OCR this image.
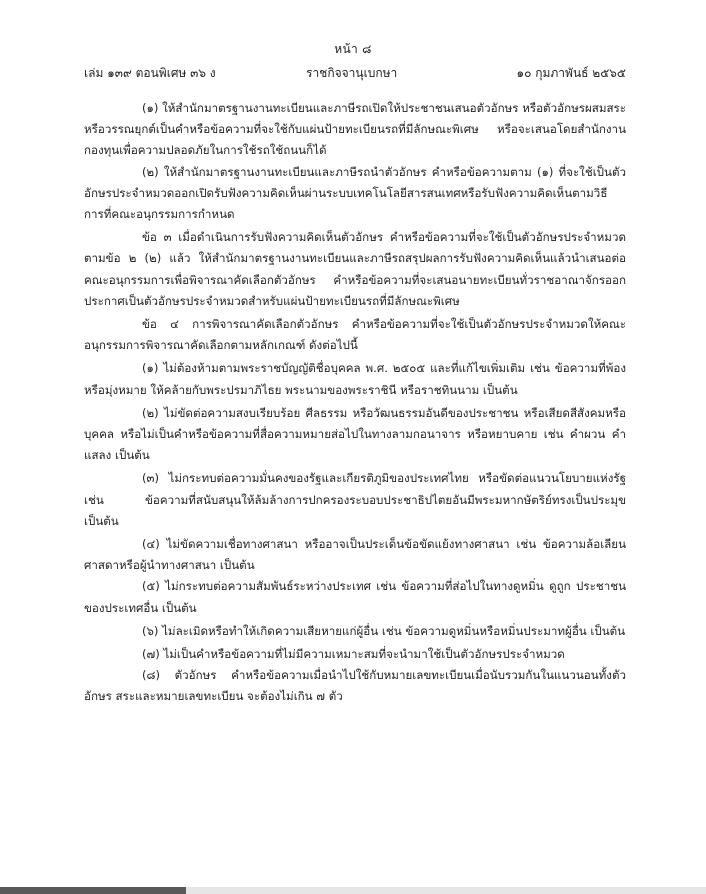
หน้า ๘
เล่ม ๑๓๙ ตอนพิเศษ ๓๖ ง	ราชกิจจานุเบกษา	๑๐ กุมภาพันธ์ ๒๕๖๕

(๑) ให้สำนักมาตรฐานงานทะเบียนและภาษีรถเปิดให้ประชาชนเสนอตัวอักษร หรือตัวอักษรผสมสระหรือวรรณยุกต์เป็นคำหรือข้อความที่จะใช้กับแผ่นป้ายทะเบียนรถที่มีลักษณะพิเศษ หรือจะเสนอโดยสำนักงานกองทุนเพื่อความปลอดภัยในการใช้รถใช้ถนนก็ได้

(๒) ให้สำนักมาตรฐานงานทะเบียนและภาษีรถนำตัวอักษร คำหรือข้อความตาม (๑) ที่จะใช้เป็นตัวอักษรประจำหมวดออกเปิดรับฟังความคิดเห็นผ่านระบบเทคโนโลยีสารสนเทศหรือรับฟังความคิดเห็นตามวิธีการที่คณะอนุกรรมการกำหนด

ข้อ ๓ เมื่อดำเนินการรับฟังความคิดเห็นตัวอักษร คำหรือข้อความที่จะใช้เป็นตัวอักษรประจำหมวดตามข้อ ๒ (๒) แล้ว ให้สำนักมาตรฐานงานทะเบียนและภาษีรถสรุปผลการรับฟังความคิดเห็นแล้วนำเสนอต่อคณะอนุกรรมการเพื่อพิจารณาคัดเลือกตัวอักษร คำหรือข้อความที่จะเสนอนายทะเบียนทั่วราชอาณาจักรออกประกาศเป็นตัวอักษรประจำหมวดสำหรับแผ่นป้ายทะเบียนรถที่มีลักษณะพิเศษ

ข้อ ๔ การพิจารณาคัดเลือกตัวอักษร คำหรือข้อความที่จะใช้เป็นตัวอักษรประจำหมวดให้คณะอนุกรรมการพิจารณาคัดเลือกตามหลักเกณฑ์ ดังต่อไปนี้

(๑) ไม่ต้องห้ามตามพระราชบัญญัติชื่อบุคคล พ.ศ. ๒๕๐๕ และที่แก้ไขเพิ่มเติม เช่น ข้อความที่พ้องหรือมุ่งหมาย ให้คล้ายกับพระปรมาภิไธย พระนามของพระราชินี หรือราชทินนาม เป็นต้น

(๒) ไม่ขัดต่อความสงบเรียบร้อย ศีลธรรม หรือวัฒนธรรมอันดีของประชาชน หรือเสียดสีสังคมหรือบุคคล หรือไม่เป็นคำหรือข้อความที่สื่อความหมายส่อไปในทางลามกอนาจาร หรือหยาบคาย เช่น คำผวน คำแสลง เป็นต้น

(๓) ไม่กระทบต่อความมั่นคงของรัฐและเกียรติภูมิของประเทศไทย หรือขัดต่อแนวนโยบายแห่งรัฐ เช่น ข้อความที่สนับสนุนให้ล้มล้างการปกครองระบอบประชาธิปไตยอันมีพระมหากษัตริย์ทรงเป็นประมุข เป็นต้น

(๔) ไม่ขัดความเชื่อทางศาสนา หรืออาจเป็นประเด็นข้อขัดแย้งทางศาสนา เช่น ข้อความล้อเลียนศาสดาหรือผู้นำทางศาสนา เป็นต้น

(๕) ไม่กระทบต่อความสัมพันธ์ระหว่างประเทศ เช่น ข้อความที่ส่อไปในทางดูหมิ่น ดูถูก ประชาชนของประเทศอื่น เป็นต้น

(๖) ไม่ละเมิดหรือทำให้เกิดความเสียหายแก่ผู้อื่น เช่น ข้อความดูหมิ่นหรือหมิ่นประมาทผู้อื่น เป็นต้น

(๗) ไม่เป็นคำหรือข้อความที่ไม่มีความเหมาะสมที่จะนำมาใช้เป็นตัวอักษรประจำหมวด

(๘) ตัวอักษร คำหรือข้อความเมื่อนำไปใช้กับหมายเลขทะเบียนเมื่อนับรวมกันในแนวนอนทั้งตัวอักษร สระและหมายเลขทะเบียน จะต้องไม่เกิน ๗ ตัว
